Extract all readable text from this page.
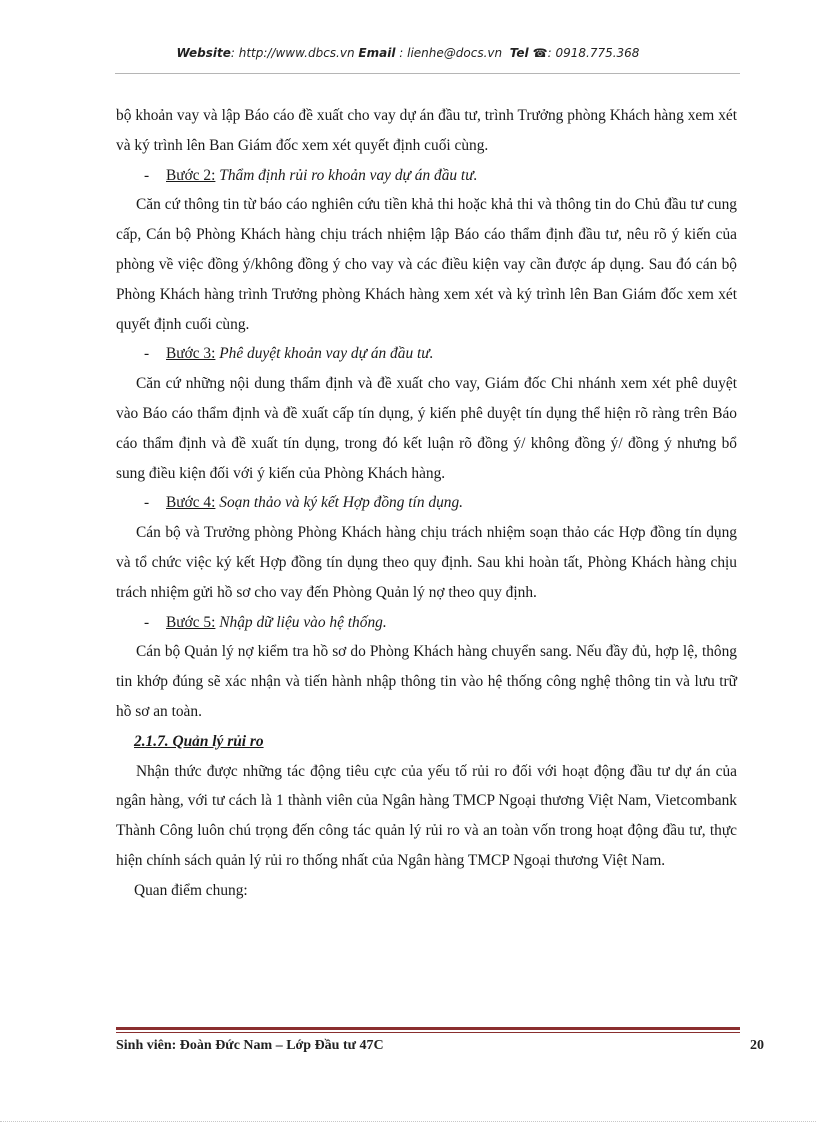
Website: http://www.dbcs.vn Email : lienhe@docs.vn Tel ☎: 0918.775.368

bộ khoản vay và lập Báo cáo đề xuất cho vay dự án đầu tư, trình Trưởng phòng Khách hàng xem xét và ký trình lên Ban Giám đốc xem xét quyết định cuối cùng.

- Bước 2: Thẩm định rủi ro khoản vay dự án đầu tư.

Căn cứ thông tin từ báo cáo nghiên cứu tiền khả thi hoặc khả thi và thông tin do Chủ đầu tư cung cấp, Cán bộ Phòng Khách hàng chịu trách nhiệm lập Báo cáo thẩm định đầu tư, nêu rõ ý kiến của phòng về việc đồng ý/không đồng ý cho vay và các điều kiện vay cần được áp dụng. Sau đó cán bộ Phòng Khách hàng trình Trưởng phòng Khách hàng xem xét và ký trình lên Ban Giám đốc xem xét quyết định cuối cùng.

- Bước 3: Phê duyệt khoản vay dự án đầu tư.

Căn cứ những nội dung thẩm định và đề xuất cho vay, Giám đốc Chi nhánh xem xét phê duyệt vào Báo cáo thẩm định và đề xuất cấp tín dụng, ý kiến phê duyệt tín dụng thể hiện rõ ràng trên Báo cáo thẩm định và đề xuất tín dụng, trong đó kết luận rõ đồng ý/ không đồng ý/ đồng ý nhưng bổ sung điều kiện đối với ý kiến của Phòng Khách hàng.

- Bước 4: Soạn thảo và ký kết Hợp đồng tín dụng.

Cán bộ và Trưởng phòng Phòng Khách hàng chịu trách nhiệm soạn thảo các Hợp đồng tín dụng và tổ chức việc ký kết Hợp đồng tín dụng theo quy định. Sau khi hoàn tất, Phòng Khách hàng chịu trách nhiệm gửi hồ sơ cho vay đến Phòng Quản lý nợ theo quy định.

- Bước 5: Nhập dữ liệu vào hệ thống.

Cán bộ Quản lý nợ kiểm tra hồ sơ do Phòng Khách hàng chuyển sang. Nếu đầy đủ, hợp lệ, thông tin khớp đúng sẽ xác nhận và tiến hành nhập thông tin vào hệ thống công nghệ thông tin và lưu trữ hồ sơ an toàn.

2.1.7. Quản lý rủi ro

Nhận thức được những tác động tiêu cực của yếu tố rủi ro đối với hoạt động đầu tư dự án của ngân hàng, với tư cách là 1 thành viên của Ngân hàng TMCP Ngoại thương Việt Nam, Vietcombank Thành Công luôn chú trọng đến công tác quản lý rủi ro và an toàn vốn trong hoạt động đầu tư, thực hiện chính sách quản lý rủi ro thống nhất của Ngân hàng TMCP Ngoại thương Việt Nam.

Quan điểm chung:

Sinh viên: Đoàn Đức Nam – Lớp Đầu tư 47C	20
